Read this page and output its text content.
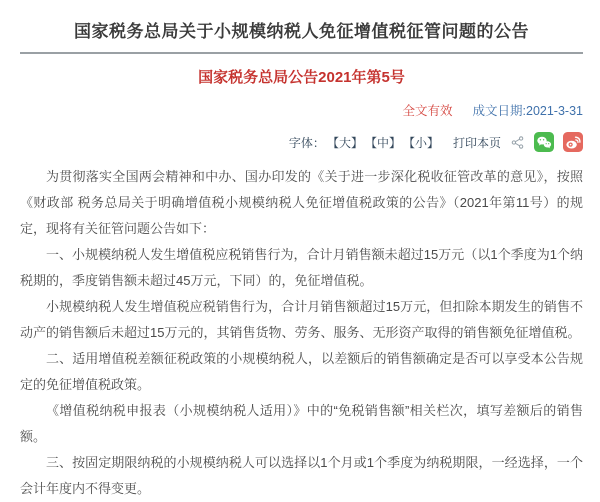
国家税务总局关于小规模纳税人免征增值税征管问题的公告
国家税务总局公告2021年第5号
全文有效 成文日期:2021-3-31
字体： 【大】 【中】 【小】 打印本页

为贯彻落实全国两会精神和中办、国办印发的《关于进一步深化税收征管改革的意见》，按照《财政部 税务总局关于明确增值税小规模纳税人免征增值税政策的公告》（2021年第11号）的规定，现将有关征管问题公告如下：

一、小规模纳税人发生增值税应税销售行为，合计月销售额未超过15万元（以1个季度为1个纳税期的，季度销售额未超过45万元，下同）的，免征增值税。

小规模纳税人发生增值税应税销售行为，合计月销售额超过15万元，但扣除本期发生的销售不动产的销售额后未超过15万元的，其销售货物、劳务、服务、无形资产取得的销售额免征增值税。

二、适用增值税差额征税政策的小规模纳税人，以差额后的销售额确定是否可以享受本公告规定的免征增值税政策。

《增值税纳税申报表（小规模纳税人适用）》中的“免税销售额”相关栏次，填写差额后的销售额。

三、按固定期限纳税的小规模纳税人可以选择以1个月或1个季度为纳税期限，一经选择，一个会计年度内不得变更。
